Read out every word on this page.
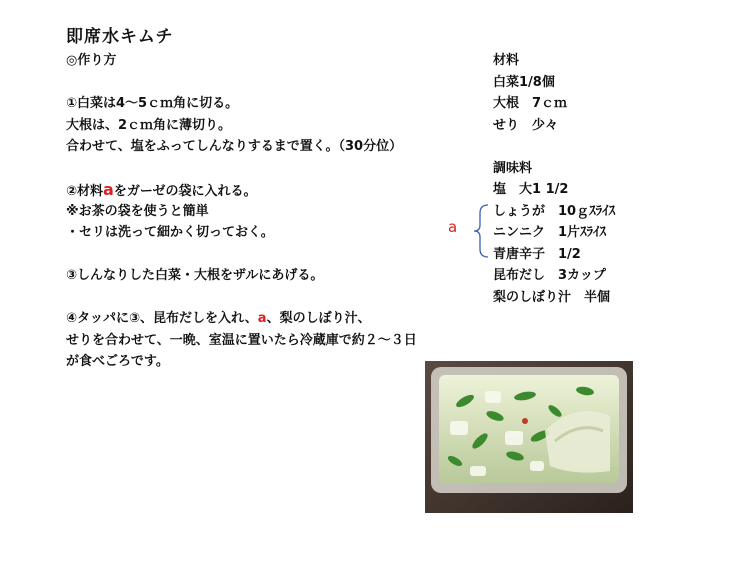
即席水キムチ
◎作り方
①白菜は4～5ｃｍ角に切る。
大根は、2ｃｍ角に薄切り。
合わせて、塩をふってしんなりするまで置く。（30分位）
②材料aをガーゼの袋に入れる。
※お茶の袋を使うと簡単
・セリは洗って細かく切っておく。
③しんなりした白菜・大根をザルにあげる。
④タッパに③、昆布だしを入れ、a、梨のしぼり汁、
せりを合わせて、一晩、室温に置いたら冷蔵庫で約２～３日
が食べごろです。
材料
白菜1/8個
大根　7ｃｍ
せり　少々
調味料
塩　大1 1/2
しょうが　10ｇｽﾗｲｽ
ニンニク　1片ｽﾗｲｽ
青唐辛子　1/2
昆布だし　3カップ
梨のしぼり汁　半個
a
